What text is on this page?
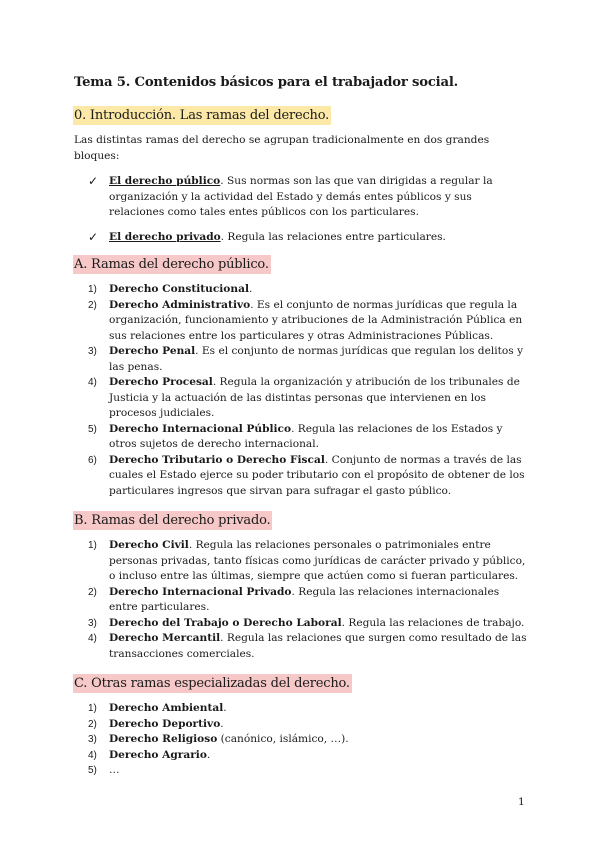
Tema 5. Contenidos básicos para el trabajador social.
0. Introducción. Las ramas del derecho.

Las distintas ramas del derecho se agrupan tradicionalmente en dos grandes bloques:

✓ El derecho público. Sus normas son las que van dirigidas a regular la organización y la actividad del Estado y demás entes públicos y sus relaciones como tales entes públicos con los particulares.
✓ El derecho privado. Regula las relaciones entre particulares.
A. Ramas del derecho público.
1) Derecho Constitucional.
2) Derecho Administrativo. Es el conjunto de normas jurídicas que regula la organización, funcionamiento y atribuciones de la Administración Pública en sus relaciones entre los particulares y otras Administraciones Públicas.
3) Derecho Penal. Es el conjunto de normas jurídicas que regulan los delitos y las penas.
4) Derecho Procesal. Regula la organización y atribución de los tribunales de Justicia y la actuación de las distintas personas que intervienen en los procesos judiciales.
5) Derecho Internacional Público. Regula las relaciones de los Estados y otros sujetos de derecho internacional.
6) Derecho Tributario o Derecho Fiscal. Conjunto de normas a través de las cuales el Estado ejerce su poder tributario con el propósito de obtener de los particulares ingresos que sirvan para sufragar el gasto público.
B. Ramas del derecho privado.
1) Derecho Civil. Regula las relaciones personales o patrimoniales entre personas privadas, tanto físicas como jurídicas de carácter privado y público, o incluso entre las últimas, siempre que actúen como si fueran particulares.
2) Derecho Internacional Privado. Regula las relaciones internacionales entre particulares.
3) Derecho del Trabajo o Derecho Laboral. Regula las relaciones de trabajo.
4) Derecho Mercantil. Regula las relaciones que surgen como resultado de las transacciones comerciales.
C. Otras ramas especializadas del derecho.
1) Derecho Ambiental.
2) Derecho Deportivo.
3) Derecho Religioso (canónico, islámico, …).
4) Derecho Agrario.
5) …
1
